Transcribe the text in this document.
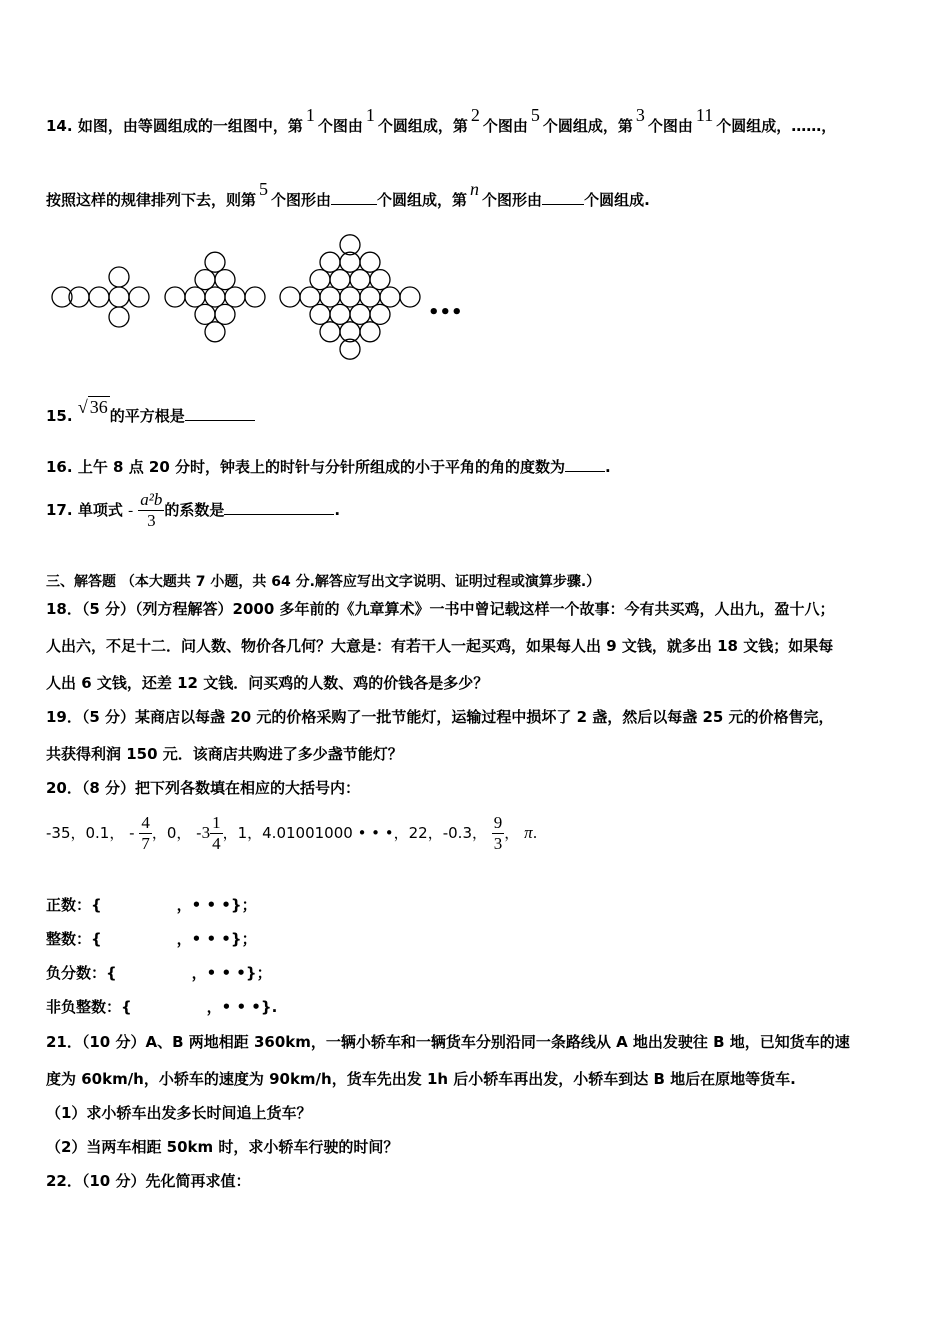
14. 如图，由等圆组成的一组图中，第1个图由1个圆组成，第2个图由5个圆组成，第3个图由11个圆组成，……，
按照这样的规律排列下去，则第5个图形由	个圆组成，第n个图形由	个圆组成.
•••
15. √ 36 的平方根是
16. 上午 8 点 20 分时，钟表上的时针与分针所组成的小于平角的角的度数为	.
17. 单项式 - $\frac{\text{a²b}}{3}$ 的系数是	.
三、解答题 （本大题共 7 小题，共 64 分.解答应写出文字说明、证明过程或演算步骤.）
18．（5 分）（列方程解答）2000 多年前的《九章算术》一书中曾记载这样一个故事：今有共买鸡，人出九，盈十八；
人出六，不足十二．问人数、物价各几何？大意是：有若干人一起买鸡，如果每人出 9 文钱，就多出 18 文钱；如果每
人出 6 文钱，还差 12 文钱．问买鸡的人数、鸡的价钱各是多少？
19．（5 分）某商店以每盏 20 元的价格采购了一批节能灯，运输过程中损坏了 2 盏，然后以每盏 25 元的价格售完，
共获得利润 150 元．该商店共购进了多少盏节能灯？
20．（8 分）把下列各数填在相应的大括号内：
-35，0.1， - $\frac{4}{7}$ ，0， $-3 \frac{1}{4}$ ，1，4.01001000 • • •，22，-0.3， $\frac{9}{3}$ ， π.
正数：{　　　　　，• • •}；
整数：{　　　　　，• • •}；
负分数：{　　　　　，• • •}；
非负整数：{　　　　　，• • •}.
21．（10 分）A、B 两地相距 360km，一辆小轿车和一辆货车分别沿同一条路线从 A 地出发驶往 B 地，已知货车的速
度为 60km/h，小轿车的速度为 90km/h，货车先出发 1h 后小轿车再出发，小轿车到达 B 地后在原地等货车.
（1）求小轿车出发多长时间追上货车？
（2）当两车相距 50km 时，求小轿车行驶的时间？
22．（10 分）先化简再求值：
